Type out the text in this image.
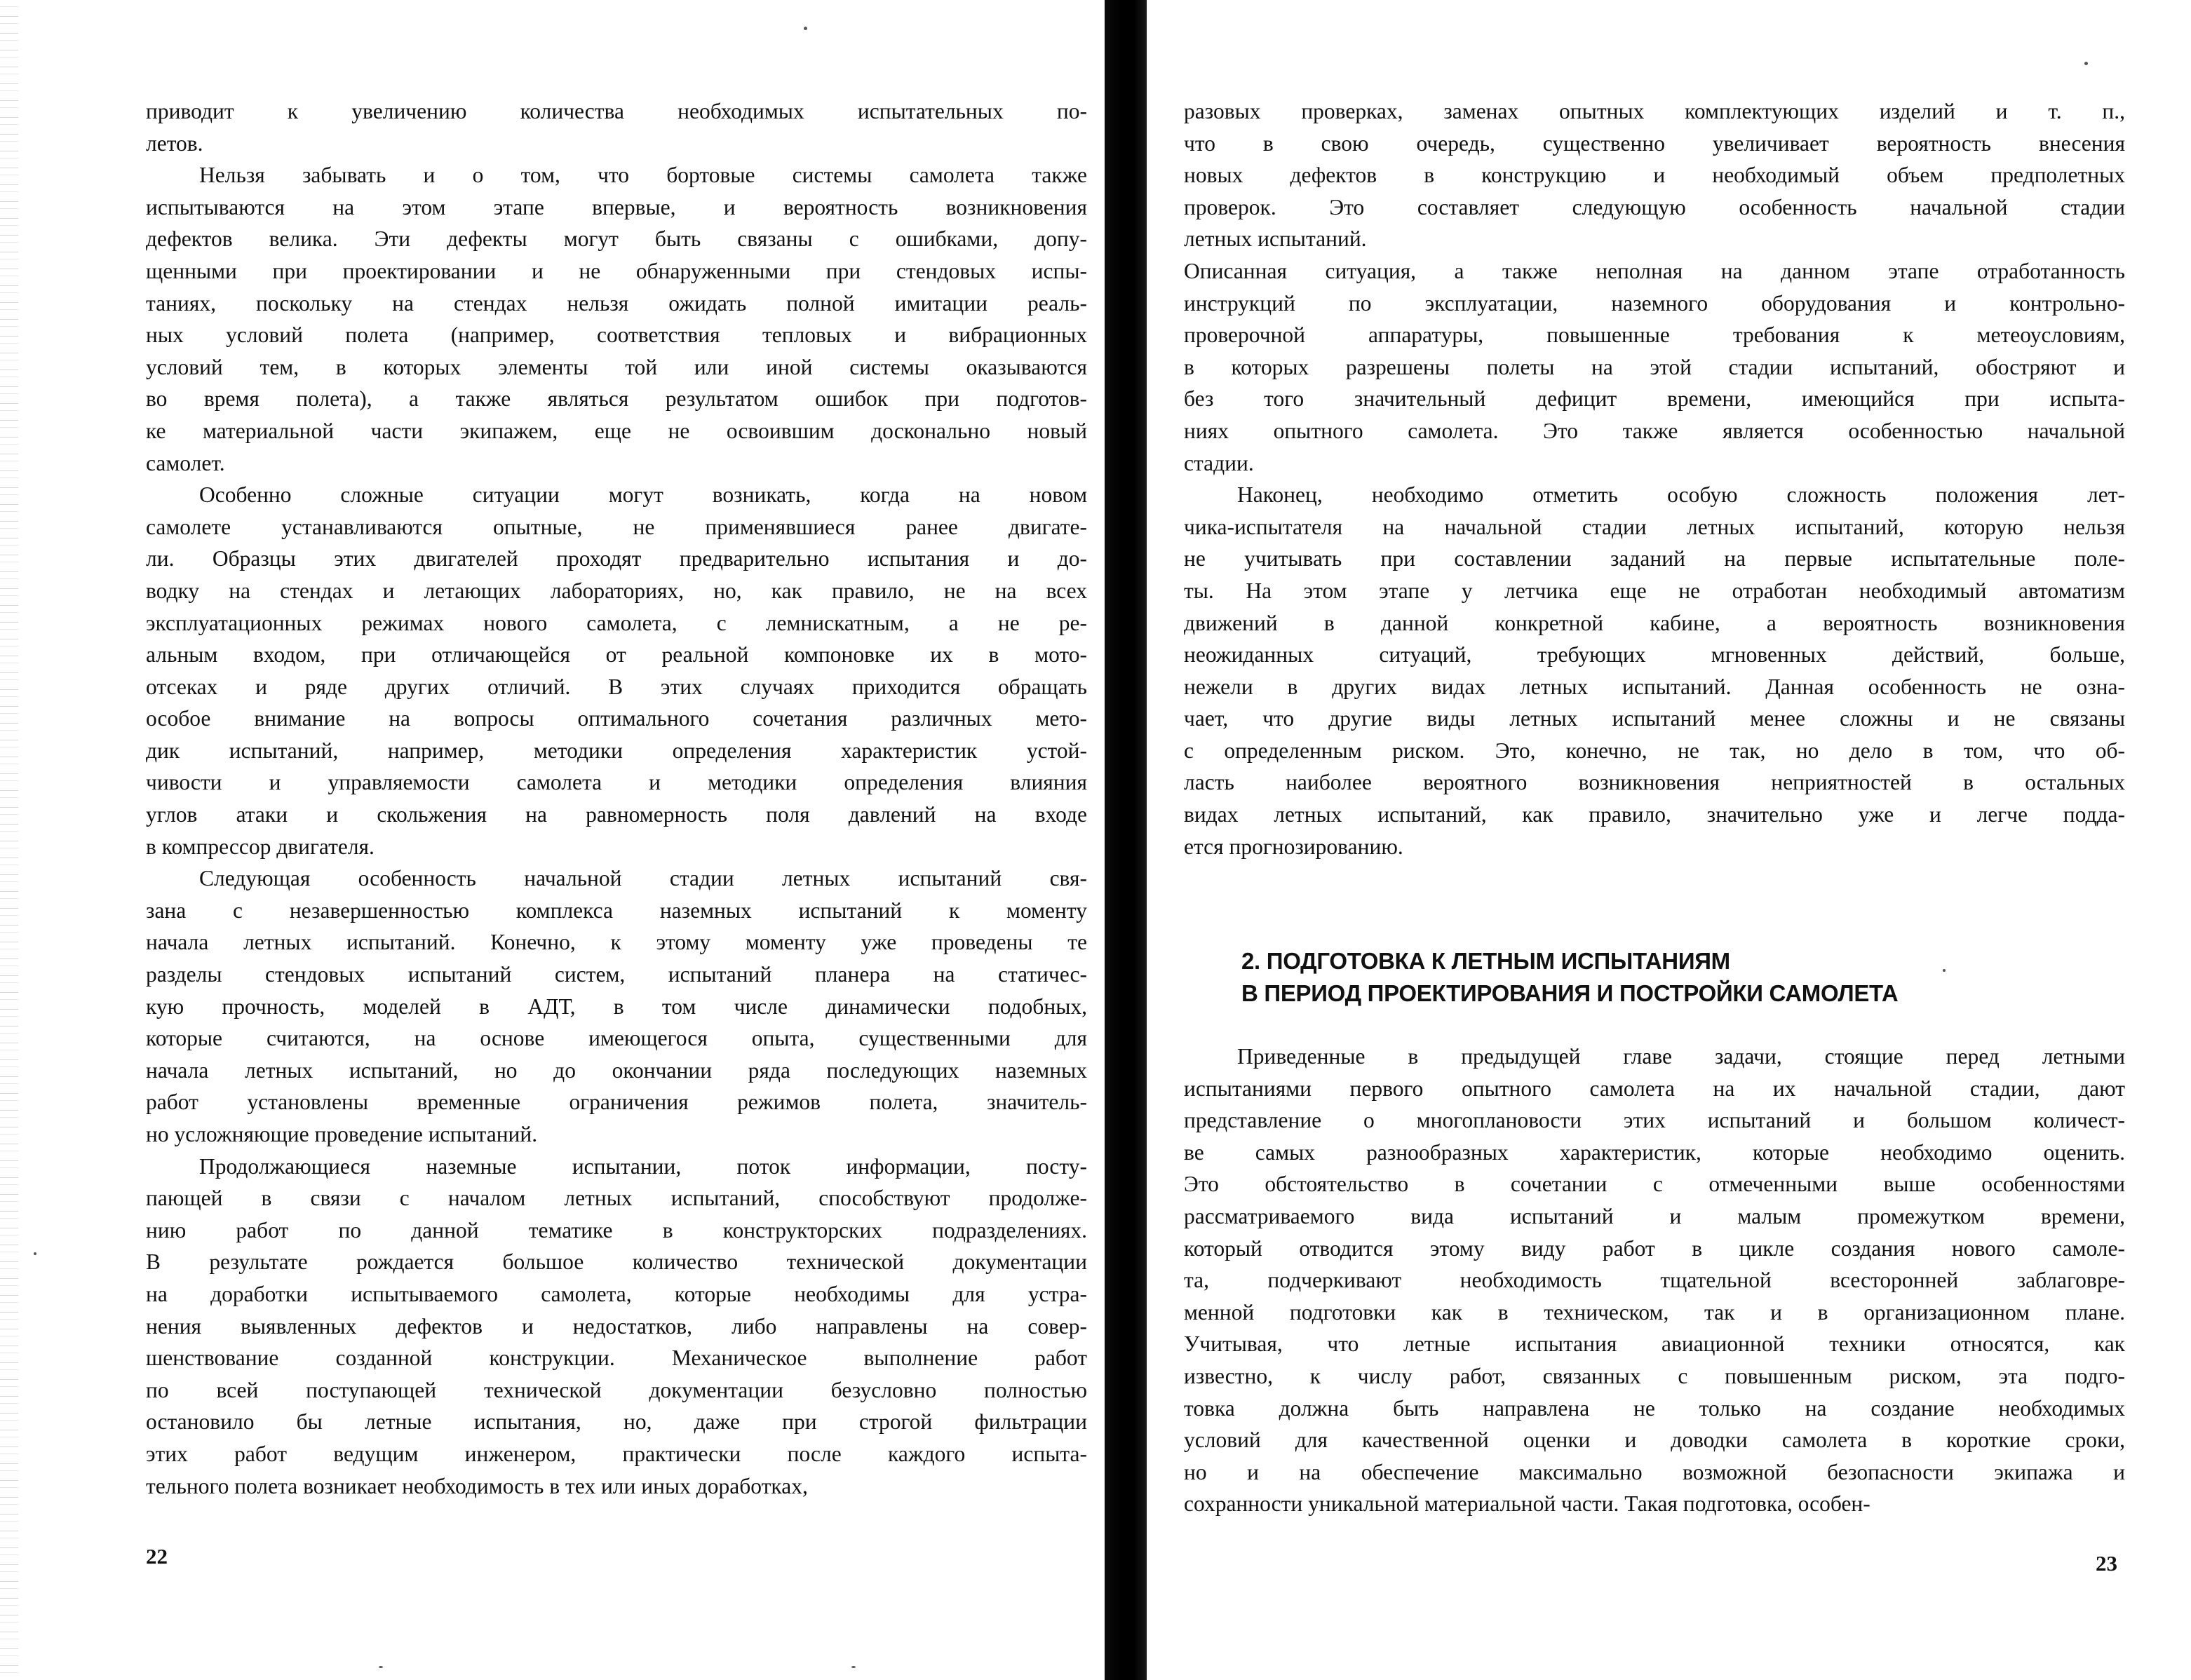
приводит к увеличению количества необходимых испытательных по-
летов.
Нельзя забывать и о том, что бортовые системы самолета также
испытываются на этом этапе впервые, и вероятность возникновения
дефектов велика. Эти дефекты могут быть связаны с ошибками, допу-
щенными при проектировании и не обнаруженными при стендовых испы-
таниях, поскольку на стендах нельзя ожидать полной имитации реаль-
ных условий полета (например, соответствия тепловых и вибрационных
условий тем, в которых элементы той или иной системы оказываются
во время полета), а также являться результатом ошибок при подготов-
ке материальной части экипажем, еще не освоившим досконально новый
самолет.
Особенно сложные ситуации могут возникать, когда на новом
самолете устанавливаются опытные, не применявшиеся ранее двигате-
ли. Образцы этих двигателей проходят предварительно испытания и до-
водку на стендах и летающих лабораториях, но, как правило, не на всех
эксплуатационных режимах нового самолета, с лемнискатным, а не ре-
альным входом, при отличающейся от реальной компоновке их в мото-
отсеках и ряде других отличий. В этих случаях приходится обращать
особое внимание на вопросы оптимального сочетания различных мето-
дик испытаний, например, методики определения характеристик устой-
чивости и управляемости самолета и методики определения влияния
углов атаки и скольжения на равномерность поля давлений на входе
в компрессор двигателя.
Следующая особенность начальной стадии летных испытаний свя-
зана с незавершенностью комплекса наземных испытаний к моменту
начала летных испытаний. Конечно, к этому моменту уже проведены те
разделы стендовых испытаний систем, испытаний планера на статичес-
кую прочность, моделей в АДТ, в том числе динамически подобных,
которые считаются, на основе имеющегося опыта, существенными для
начала летных испытаний, но до окончании ряда последующих наземных
работ установлены временные ограничения режимов полета, значитель-
но усложняющие проведение испытаний.
Продолжающиеся наземные испытании, поток информации, посту-
пающей в связи с началом летных испытаний, способствуют продолже-
нию работ по данной тематике в конструкторских подразделениях.
В результате рождается большое количество технической документации
на доработки испытываемого самолета, которые необходимы для устра-
нения выявленных дефектов и недостатков, либо направлены на совер-
шенствование созданной конструкции. Механическое выполнение работ
по всей поступающей технической документации безусловно полностью
остановило бы летные испытания, но, даже при строгой фильтрации
этих работ ведущим инженером, практически после каждого испыта-
тельного полета возникает необходимость в тех или иных доработках,
22	23
разовых проверках, заменах опытных комплектующих изделий и т. п.,
что в свою очередь, существенно увеличивает вероятность внесения
новых дефектов в конструкцию и необходимый объем предполетных
проверок. Это составляет следующую особенность начальной стадии
летных испытаний.
Описанная ситуация, а также неполная на данном этапе отработанность
инструкций по эксплуатации, наземного оборудования и контрольно-
проверочной аппаратуры, повышенные требования к метеоусловиям,
в которых разрешены полеты на этой стадии испытаний, обостряют и
без того значительный дефицит времени, имеющийся при испыта-
ниях опытного самолета. Это также является особенностью начальной
стадии.
Наконец, необходимо отметить особую сложность положения лет-
чика-испытателя на начальной стадии летных испытаний, которую нельзя
не учитывать при составлении заданий на первые испытательные поле-
ты. На этом этапе у летчика еще не отработан необходимый автоматизм
движений в данной конкретной кабине, а вероятность возникновения
неожиданных ситуаций, требующих мгновенных действий, больше,
нежели в других видах летных испытаний. Данная особенность не озна-
чает, что другие виды летных испытаний менее сложны и не связаны
с определенным риском. Это, конечно, не так, но дело в том, что об-
ласть наиболее вероятного возникновения неприятностей в остальных
видах летных испытаний, как правило, значительно уже и легче подда-
ется прогнозированию.
2. ПОДГОТОВКА К ЛЕТНЫМ ИСПЫТАНИЯМ
В ПЕРИОД ПРОЕКТИРОВАНИЯ И ПОСТРОЙКИ САМОЛЕТА
Приведенные в предыдущей главе задачи, стоящие перед летными
испытаниями первого опытного самолета на их начальной стадии, дают
представление о многоплановости этих испытаний и большом количест-
ве самых разнообразных характеристик, которые необходимо оценить.
Это обстоятельство в сочетании с отмеченными выше особенностями
рассматриваемого вида испытаний и малым промежутком времени,
который отводится этому виду работ в цикле создания нового самоле-
та, подчеркивают необходимость тщательной всесторонней заблаговре-
менной подготовки как в техническом, так и в организационном плане.
Учитывая, что летные испытания авиационной техники относятся, как
известно, к числу работ, связанных с повышенным риском, эта подго-
товка должна быть направлена не только на создание необходимых
условий для качественной оценки и доводки самолета в короткие сроки,
но и на обеспечение максимально возможной безопасности экипажа и
сохранности уникальной материальной части. Такая подготовка, особен-
